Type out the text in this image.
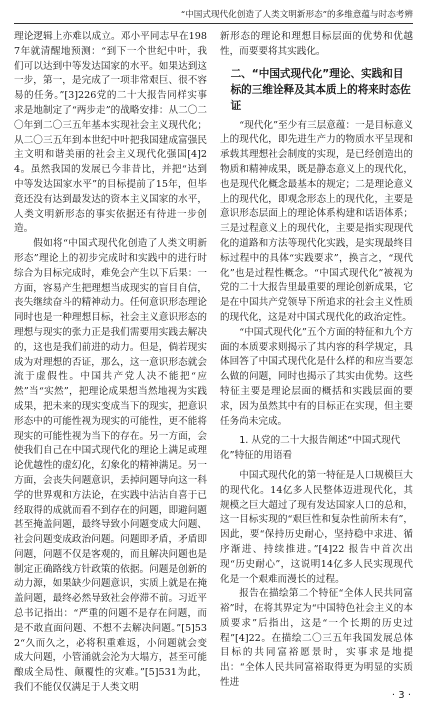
“中国式现代化创造了人类文明新形态”的多维意蕴与时态考辨

理论逻辑上亦难以成立。邓小平同志早在1987年就清醒地预测：“到下一个世纪中叶，我们可以达到中等发达国家的水平。如果达到这一步，第一，是完成了一项非常艰巨、很不容易的任务。”[3]226党的二十大报告同样实事求是地制定了“两步走”的战略安排：从二〇二〇年到二〇三五年基本实现社会主义现代化；从二〇三五年到本世纪中叶把我国建成富强民主文明和谐美丽的社会主义现代化强国[4]24。虽然我国的发展已今非昔比，并把“达到中等发达国家水平”的目标提前了15年，但毕竟还没有达到最发达的资本主义国家的水平，人类文明新形态的事实依据还有待进一步创造。

假如将“中国式现代化创造了人类文明新形态”理论上的初步完成时和实践中的进行时综合为目标完成时，难免会产生以下后果：一方面，容易产生把理想当成现实的盲目自信，丧失继续奋斗的精神动力。任何意识形态理论同时也是一种理想目标，社会主义意识形态的理想与现实的张力正是我们需要用实践去解决的，这也是我们前进的动力。但是，倘若现实成为对理想的否证，那么，这一意识形态就会流于虚假性。中国共产党人决不能把“应然”当“实然”，把理论成果想当然地视为实践成果，把未来的现实变成当下的现实，把意识形态中的可能性视为现实的可能性，更不能将现实的可能性视为当下的存在。另一方面，会使我们自己在中国式现代化的理论上满足或理论优越性的虚幻化，幻象化的精神满足。另一方面，会丧失问题意识，丢掉问题导向这一科学的世界观和方法论，在实践中沾沾自喜于已经取得的成就而看不到存在的问题，即避问题甚至掩盖问题，最终导致小问题变成大问题、社会问题变成政治问题。问题即矛盾，矛盾即问题，问题不仅是客观的，而且解决问题也是制定正确路线方针政策的依据。问题是创新的动力源，如果缺少问题意识，实质上就是在掩盖问题，最终必然导致社会停滞不前。习近平总书记指出：“严重的问题不是存在问题，而是不敢直面问题、不想不去解决问题。”[5]532“久而久之，必将积重难返，小问题就会变成大问题，小管涌就会沦为大塌方，甚至可能酿成全局性、颠覆性的灾难。”[5]531为此，我们不能仅仅满足于人类文明

新形态的理论和理想目标层面的优势和优越性，而要要将其实践化。

二、“中国式现代化”理论、实践和目标的三维诠释及其本质上的将来时态佐证

“现代化”至少有三层意蕴：一是目标意义上的现代化，即先进生产力的物质水平呈现和承载其理想社会制度的实现，是已经创造出的物质和精神成果，既是静态意义上的现代化，也是现代化概念最基本的规定；二是理论意义上的现代化，即观念形态上的现代化，主要是意识形态层面上的理论体系构建和话语体系；三是过程意义上的现代化，主要是指实现现代化的道路和方法等现代化实践，是实现最终目标过程中的具体“实践要求”，换言之，“现代化”也是过程性概念。“中国式现代化”被视为党的二十大报告里最重要的理论创新成果，它是在中国共产党领导下所追求的社会主义性质的现代化，这是对中国式现代化的政治定性。

“中国式现代化”五个方面的特征和九个方面的本质要求则揭示了其内容的科学规定，具体回答了中国式现代化是什么样的和应当要怎么做的问题，同时也揭示了其实由优势。这些特征主要是理论层面的概括和实践层面的要求，因为虽然其中有的目标正在实现，但主要任务尚未完成。

1. 从党的二十大报告阐述“中国式现代化”特征的用语看

中国式现代化的第一特征是人口规模巨大的现代化。14亿多人民整体迈进现代化，其规模之巨大超过了现有发达国家人口的总和，这一目标实现的“艰巨性和复杂性前所未有”，因此，要“保持历史耐心，坚持稳中求进、循序渐进、持续推进。”[4]22 报告中首次出现“历史耐心”，这说明14亿多人民实现现代化是一个艰难而漫长的过程。

报告在描绘第二个特征“全体人民共同富裕”时，在将其界定为“中国特色社会主义的本质要求”后指出，这是“一个长期的历史过程”[4]22。在描绘二〇三五年我国发展总体目标的共同富裕愿景时，实事求是地提出：“全体人民共同富裕取得更为明显的实质性进

· 3 ·
